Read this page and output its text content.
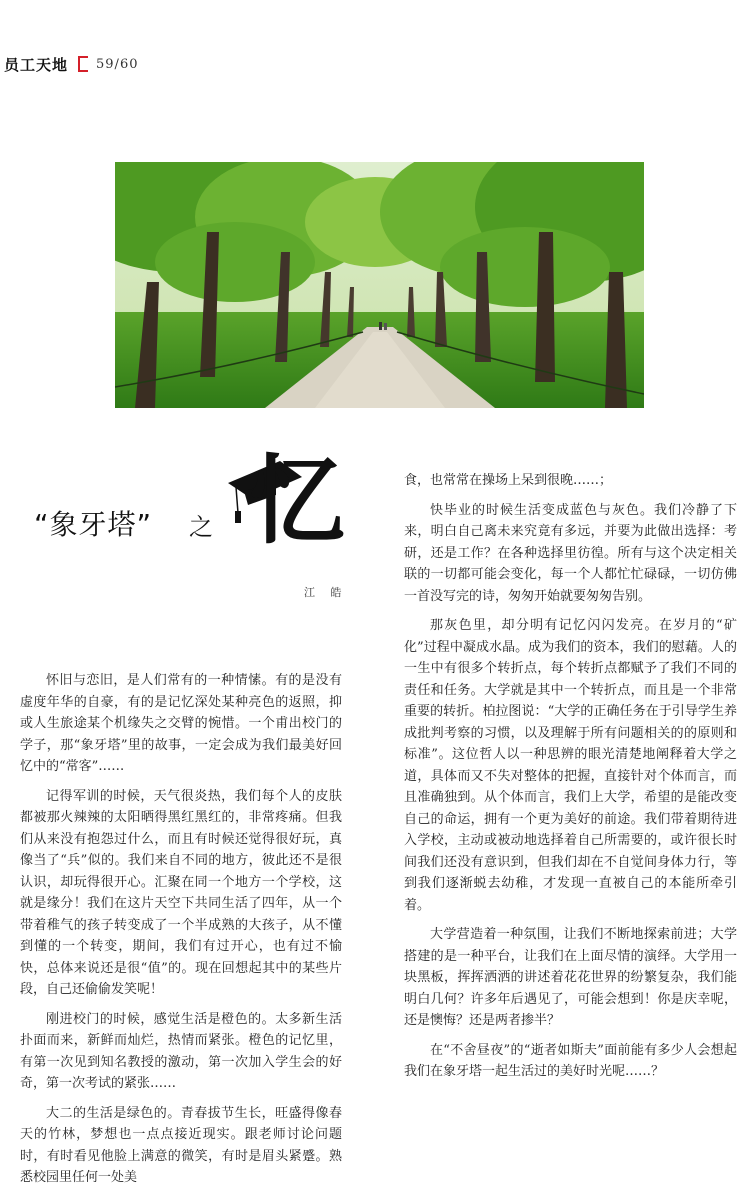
员工天地 59/60
“象牙塔” 之 忆
江 皓

怀旧与恋旧，是人们常有的一种情愫。有的是没有虚度年华的自豪，有的是记忆深处某种亮色的返照，抑或人生旅途某个机缘失之交臂的惋惜。一个甫出校门的学子，那“象牙塔”里的故事，一定会成为我们最美好回忆中的“常客”……

记得军训的时候，天气很炎热，我们每个人的皮肤都被那火辣辣的太阳晒得黑红黑红的，非常疼痛。但我们从来没有抱怨过什么，而且有时候还觉得很好玩，真像当了“兵”似的。我们来自不同的地方，彼此还不是很认识，却玩得很开心。汇聚在同一个地方一个学校，这就是缘分！我们在这片天空下共同生活了四年，从一个带着稚气的孩子转变成了一个半成熟的大孩子，从不懂到懂的一个转变，期间，我们有过开心，也有过不愉快，总体来说还是很“值”的。现在回想起其中的某些片段，自己还偷偷发笑呢！

刚进校门的时候，感觉生活是橙色的。太多新生活扑面而来，新鲜而灿烂，热情而紧张。橙色的记忆里，有第一次见到知名教授的激动，第一次加入学生会的好奇，第一次考试的紧张……

大二的生活是绿色的。青春拔节生长，旺盛得像春天的竹林，梦想也一点点接近现实。跟老师讨论问题时，有时看见他脸上满意的微笑，有时是眉头紧蹙。熟悉校园里任何一处美

食，也常常在操场上呆到很晚……；

快毕业的时候生活变成蓝色与灰色。我们冷静了下来，明白自己离未来究竟有多远，并要为此做出选择：考研，还是工作？在各种选择里彷徨。所有与这个决定相关联的一切都可能会变化，每一个人都忙忙碌碌，一切仿佛一首没写完的诗，匆匆开始就要匆匆告别。

那灰色里，却分明有记忆闪闪发亮。在岁月的“矿化”过程中凝成水晶。成为我们的资本，我们的慰藉。人的一生中有很多个转折点，每个转折点都赋予了我们不同的责任和任务。大学就是其中一个转折点，而且是一个非常重要的转折。柏拉图说：“大学的正确任务在于引导学生养成批判考察的习惯，以及理解于所有问题相关的的原则和标准”。这位哲人以一种思辨的眼光清楚地阐释着大学之道，具体而又不失对整体的把握，直接针对个体而言，而且准确独到。从个体而言，我们上大学，希望的是能改变自己的命运，拥有一个更为美好的前途。我们带着期待进入学校，主动或被动地选择着自己所需要的，或许很长时间我们还没有意识到，但我们却在不自觉间身体力行，等到我们逐渐蜕去幼稚，才发现一直被自己的本能所牵引着。

大学营造着一种氛围，让我们不断地探索前进；大学搭建的是一种平台，让我们在上面尽情的演绎。大学用一块黑板，挥挥洒洒的讲述着花花世界的纷繁复杂，我们能明白几何？许多年后遇见了，可能会想到！你是庆幸呢，还是懊悔？还是两者掺半？

在“不舍昼夜”的“逝者如斯夫”面前能有多少人会想起我们在象牙塔一起生活过的美好时光呢……？
